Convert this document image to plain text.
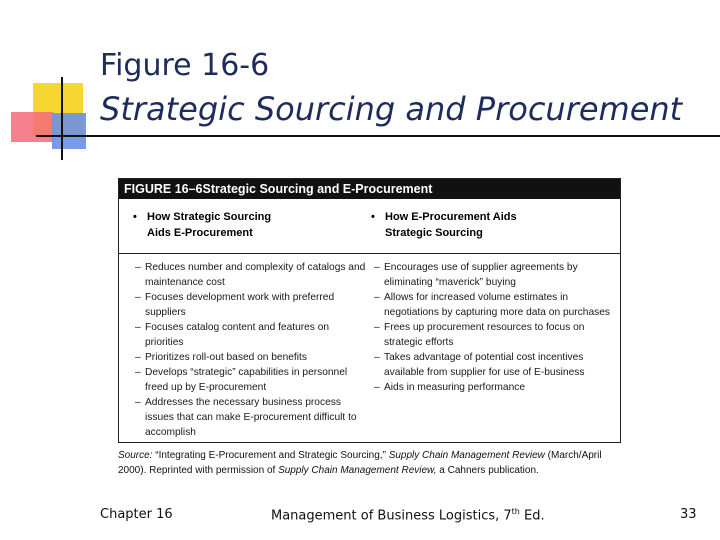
Figure 16-6
Strategic Sourcing and Procurement
FIGURE 16–6Strategic Sourcing and E-Procurement
• How Strategic Sourcing
Aids E-Procurement
• How E-Procurement Aids
Strategic Sourcing
– Reduces number and complexity of catalogs and maintenance cost
– Focuses development work with preferred suppliers
– Focuses catalog content and features on priorities
– Prioritizes roll-out based on benefits
– Develops “strategic” capabilities in personnel freed up by E-procurement
– Addresses the necessary business process issues that can make E-procurement difficult to accomplish
– Encourages use of supplier agreements by eliminating “maverick” buying
– Allows for increased volume estimates in negotiations by capturing more data on purchases
– Frees up procurement resources to focus on strategic efforts
– Takes advantage of potential cost incentives available from supplier for use of E-business
– Aids in measuring performance
Source: “Integrating E-Procurement and Strategic Sourcing,” Supply Chain Management Review (March/April 2000). Reprinted with permission of Supply Chain Management Review, a Cahners publication.
Chapter 16	Management of Business Logistics, 7th Ed.	33
